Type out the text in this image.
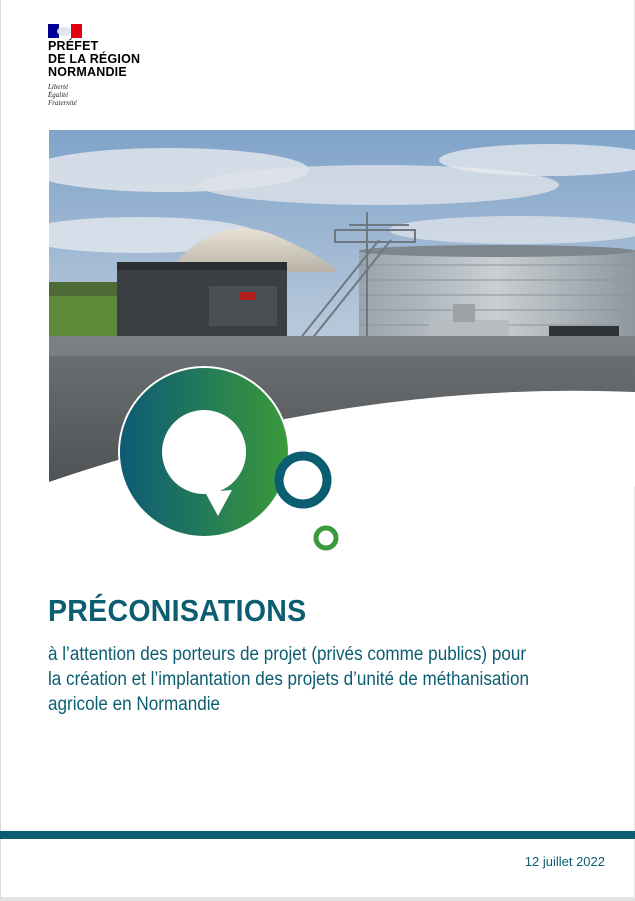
PRÉFET
DE LA RÉGION
NORMANDIE
Liberté
Égalité
Fraternité
PRÉCONISATIONS
à l’attention des porteurs de projet (privés comme publics) pour
la création et l’implantation des projets d’unité de méthanisation
agricole en Normandie
12 juillet 2022
